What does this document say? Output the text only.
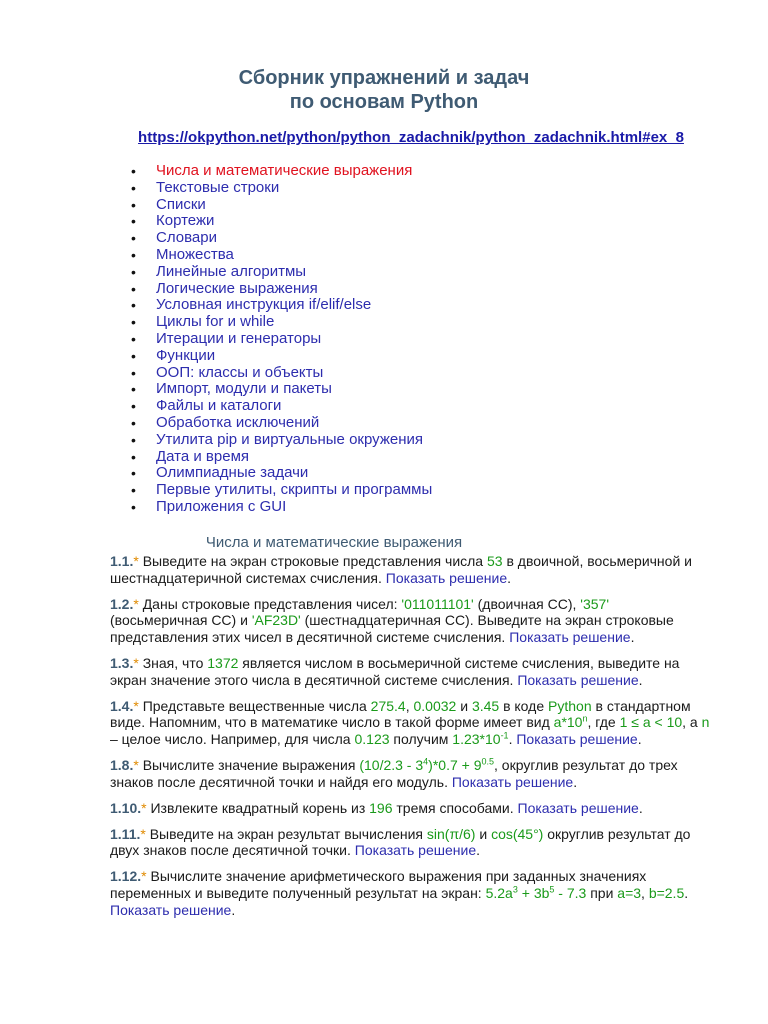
Сборник упражнений и задач
по основам Python
https://okpython.net/python/python_zadachnik/python_zadachnik.html#ex_8
• Числа и математические выражения
• Текстовые строки
• Списки
• Кортежи
• Словари
• Множества
• Линейные алгоритмы
• Логические выражения
• Условная инструкция if/elif/else
• Циклы for и while
• Итерации и генераторы
• Функции
• ООП: классы и объекты
• Импорт, модули и пакеты
• Файлы и каталоги
• Обработка исключений
• Утилита pip и виртуальные окружения
• Дата и время
• Олимпиадные задачи
• Первые утилиты, скрипты и программы
• Приложения с GUI
Числа и математические выражения
1.1.* Выведите на экран строковые представления числа 53 в двоичной, восьмеричной и шестнадцатеричной системах счисления. Показать решение.
1.2.* Даны строковые представления чисел: '011011101' (двоичная СС), '357' (восьмеричная СС) и 'AF23D' (шестнадцатеричная СС). Выведите на экран строковые представления этих чисел в десятичной системе счисления. Показать решение.
1.3.* Зная, что 1372 является числом в восьмеричной системе счисления, выведите на экран значение этого числа в десятичной системе счисления. Показать решение.
1.4.* Представьте вещественные числа 275.4, 0.0032 и 3.45 в коде Python в стандартном виде. Напомним, что в математике число в такой форме имеет вид a*10$^n$, где 1 ≤ a < 10, а n – целое число. Например, для числа 0.123 получим $1.23*10^{-1}$. Показать решение.
1.8.* Вычислите значение выражения $(10/2.3 - 3^4)*0.7 + 9^{0.5}$, округлив результат до трех знаков после десятичной точки и найдя его модуль. Показать решение.
1.10.* Извлеките квадратный корень из 196 тремя способами. Показать решение.
1.11.* Выведите на экран результат вычисления sin(π/6) и cos(45°) округлив результат до двух знаков после десятичной точки. Показать решение.
1.12.* Вычислите значение арифметического выражения при заданных значениях переменных и выведите полученный результат на экран: $5.2a^3 + 3b^5 - 7.3$ при a=3, b=2.5. Показать решение.
